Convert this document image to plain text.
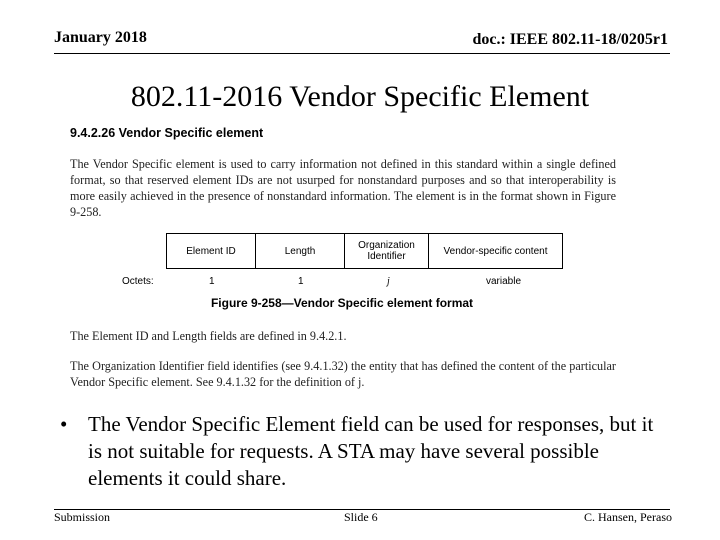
January 2018	doc.: IEEE 802.11-18/0205r1
802.11-2016 Vendor Specific Element
9.4.2.26 Vendor Specific element
The Vendor Specific element is used to carry information not defined in this standard within a single defined format, so that reserved element IDs are not usurped for nonstandard purposes and so that interoperability is more easily achieved in the presence of nonstandard information. The element is in the format shown in Figure 9-258.
Element ID	Length	Organization Identifier	Vendor-specific content
Octets:	1	1	j	variable
Figure 9-258—Vendor Specific element format
The Element ID and Length fields are defined in 9.4.2.1.
The Organization Identifier field identifies (see 9.4.1.32) the entity that has defined the content of the particular Vendor Specific element. See 9.4.1.32 for the definition of j.
• The Vendor Specific Element field can be used for responses, but it is not suitable for requests. A STA may have several possible elements it could share.
Submission	Slide 6	C. Hansen, Peraso
